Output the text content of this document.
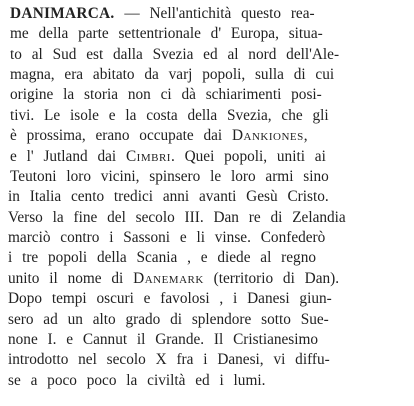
DANIMARCA. — Nell'antichità questo rea-
me della parte settentrionale d' Europa, situa-
to al Sud est dalla Svezia ed al nord dell'Ale-
magna, era abitato da varj popoli, sulla di cui
origine la storia non ci dà schiarimenti posi-
tivi. Le isole e la costa della Svezia, che gli
è prossima, erano occupate dai Dankiones,
e l' Jutland dai Cimbri. Quei popoli, uniti ai
Teutoni loro vicini, spinsero le loro armi sino
in Italia cento tredici anni avanti Gesù Cristo.
Verso la fine del secolo III. Dan re di Zelandia
marciò contro i Sassoni e li vinse. Confederò
i tre popoli della Scania , e diede al regno
unito il nome di Danemark (territorio di Dan).
Dopo tempi oscuri e favolosi , i Danesi giun-
sero ad un alto grado di splendore sotto Sue-
none I. e Cannut il Grande. Il Cristianesimo
introdotto nel secolo X fra i Danesi, vi diffu-
se a poco poco la civiltà ed i lumi.
